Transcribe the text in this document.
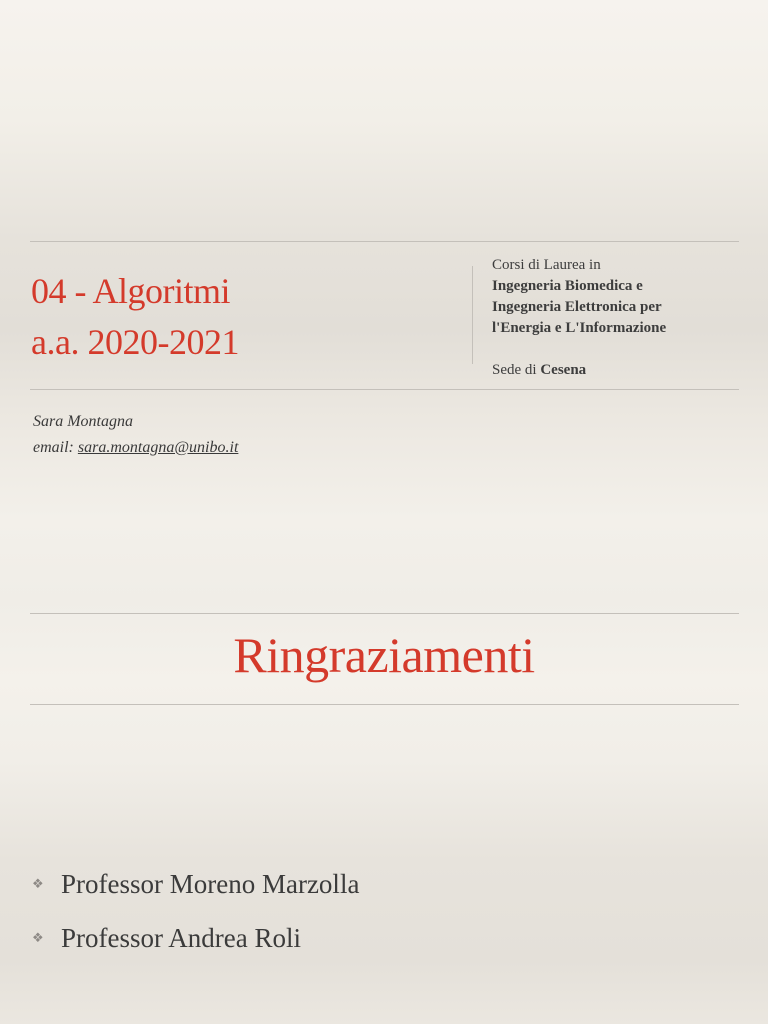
04 - Algoritmi
a.a. 2020-2021
Corsi di Laurea in
Ingegneria Biomedica e
Ingegneria Elettronica per
l'Energia e L'Informazione
Sede di Cesena
Sara Montagna
email: sara.montagna@unibo.it
Ringraziamenti
❖ Professor Moreno Marzolla
❖ Professor Andrea Roli
